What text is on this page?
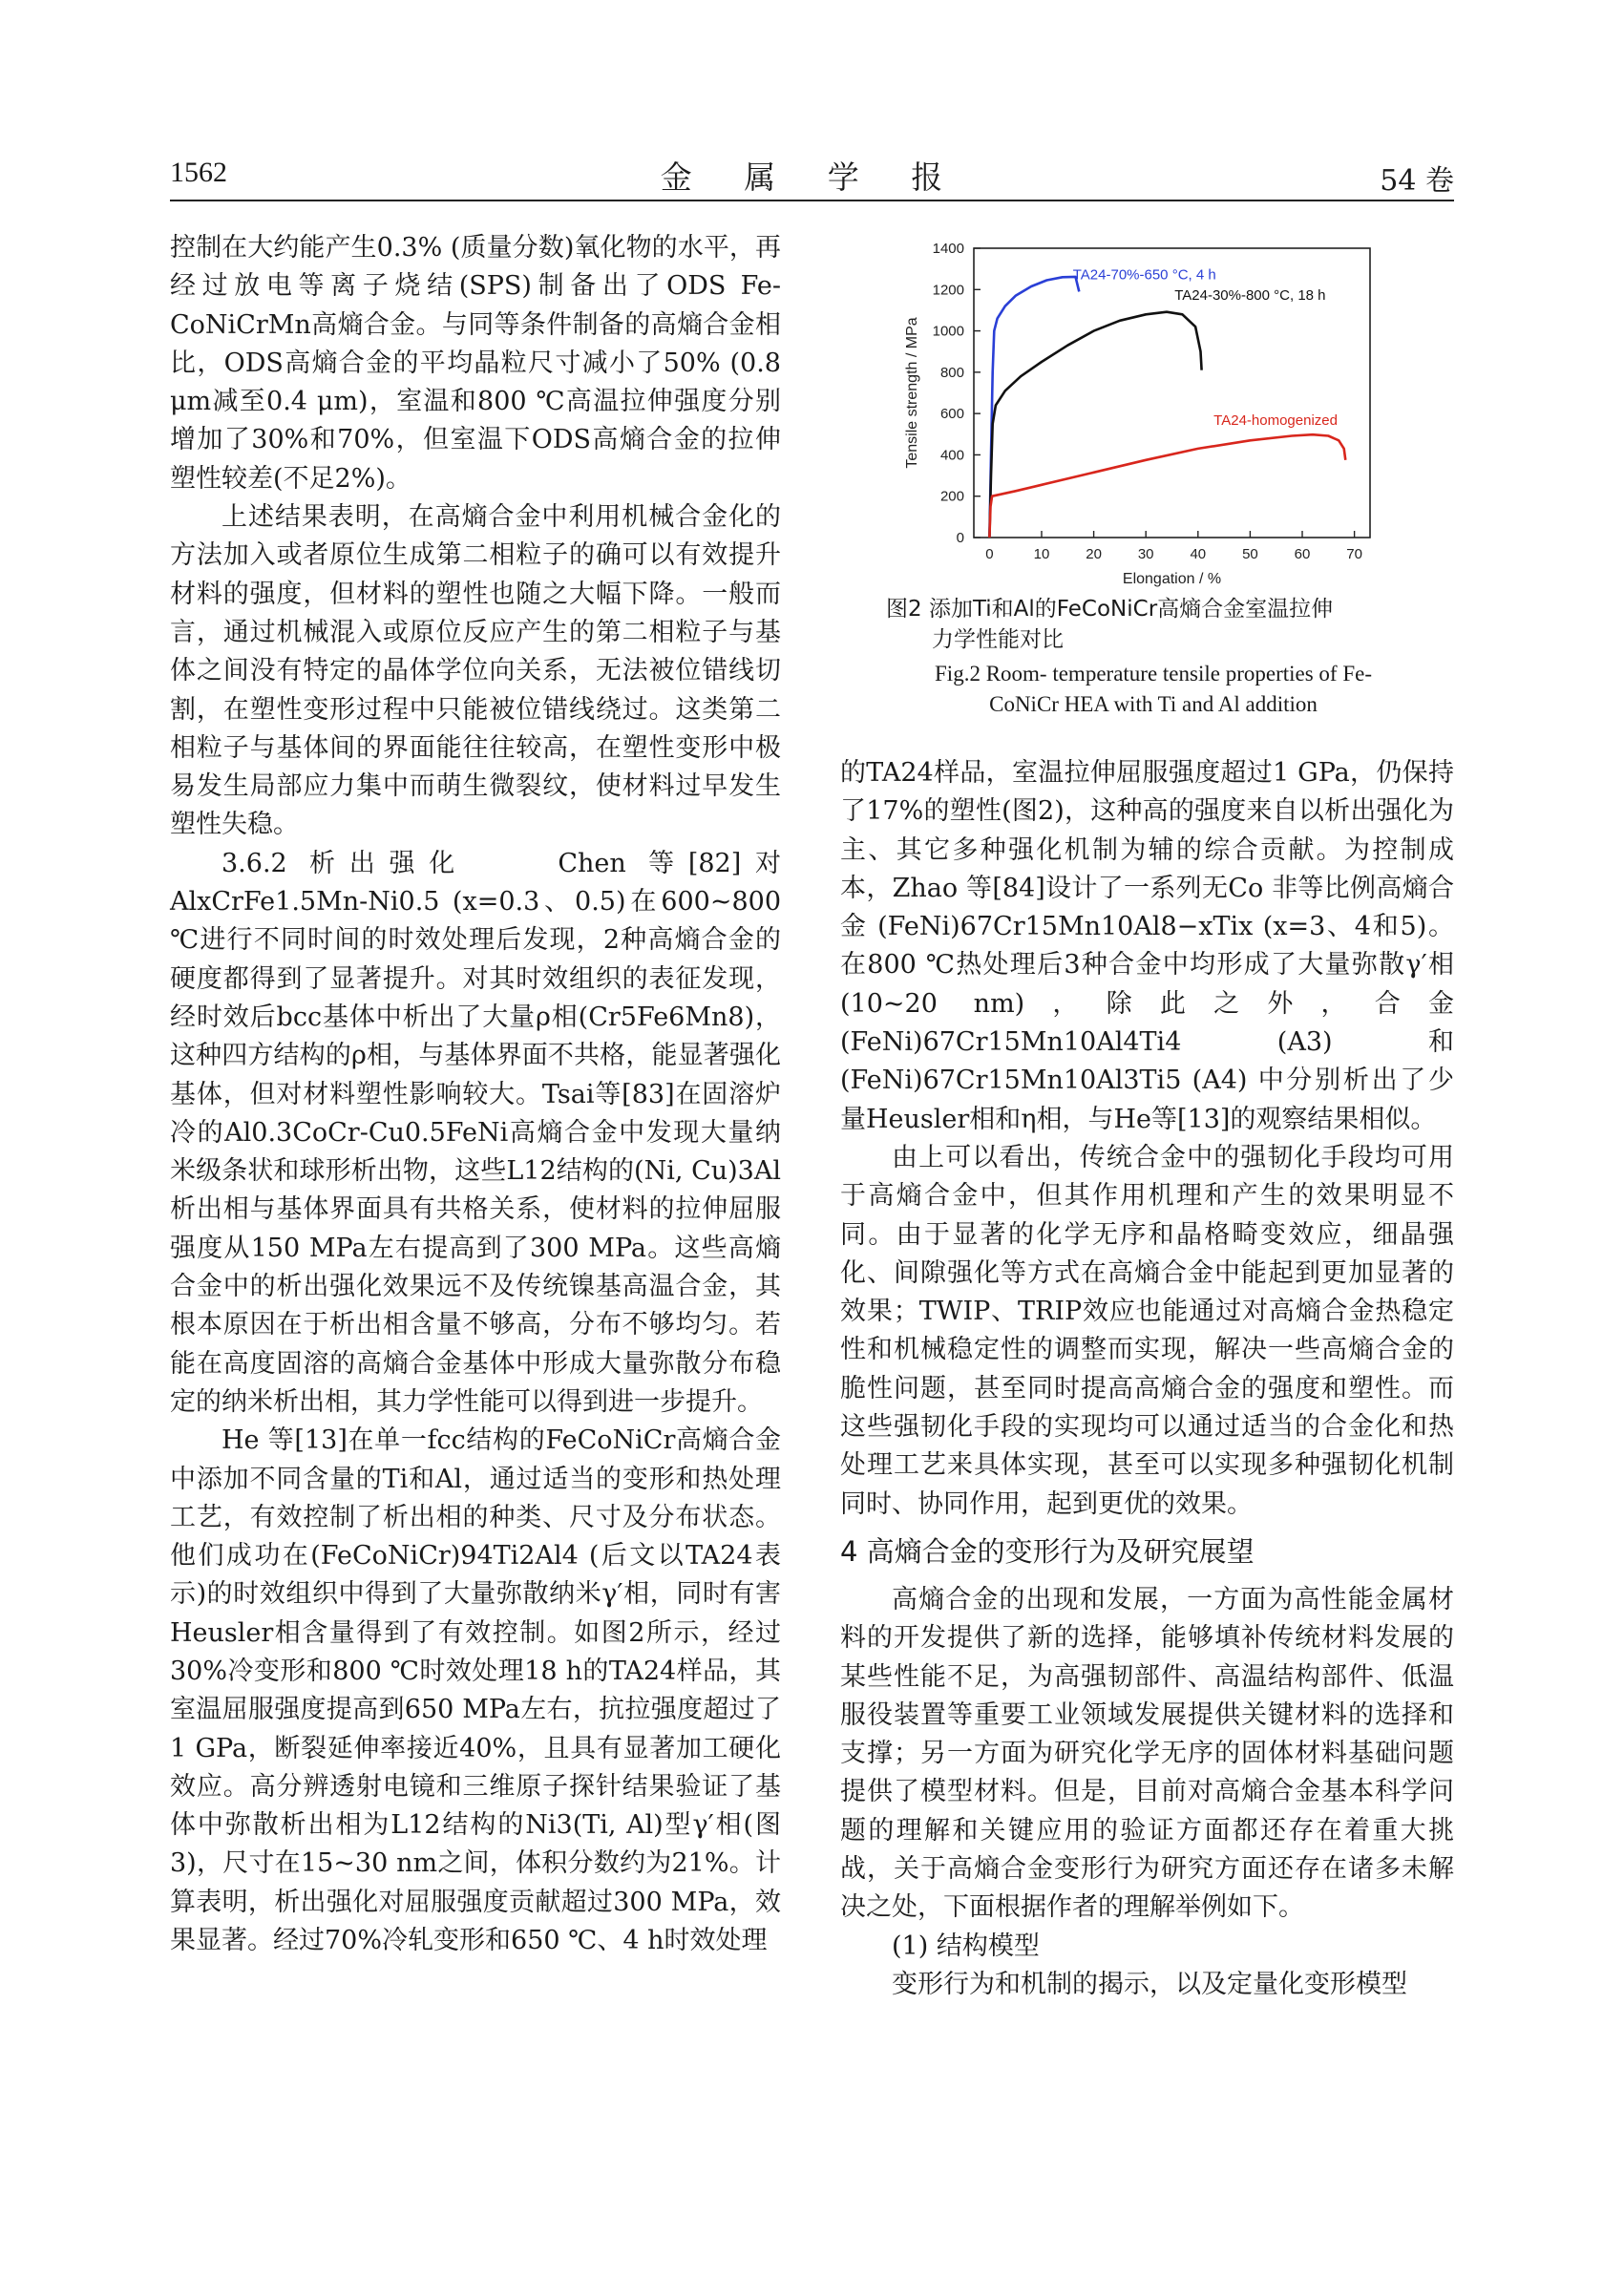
1562	金 属 学 报	54 卷

控制在大约能产生0.3% (质量分数)氧化物的水平，再经过放电等离子烧结(SPS)制备出了ODS Fe-CoNiCrMn高熵合金。与同等条件制备的高熵合金相比，ODS高熵合金的平均晶粒尺寸减小了50% (0.8 μm减至0.4 μm)，室温和800 ℃高温拉伸强度分别增加了30%和70%，但室温下ODS高熵合金的拉伸塑性较差(不足2%)。

上述结果表明，在高熵合金中利用机械合金化的方法加入或者原位生成第二相粒子的确可以有效提升材料的强度，但材料的塑性也随之大幅下降。一般而言，通过机械混入或原位反应产生的第二相粒子与基体之间没有特定的晶体学位向关系，无法被位错线切割，在塑性变形过程中只能被位错线绕过。这类第二相粒子与基体间的界面能往往较高，在塑性变形中极易发生局部应力集中而萌生微裂纹，使材料过早发生塑性失稳。

3.6.2 析出强化	Chen 等[82]对AlxCrFe1.5Mn-Ni0.5 (x=0.3、0.5)在600~800 ℃进行不同时间的时效处理后发现，2种高熵合金的硬度都得到了显著提升。对其时效组织的表征发现，经时效后bcc基体中析出了大量ρ相(Cr5Fe6Mn8)，这种四方结构的ρ相，与基体界面不共格，能显著强化基体，但对材料塑性影响较大。Tsai等[83]在固溶炉冷的Al0.3CoCr-Cu0.5FeNi高熵合金中发现大量纳米级条状和球形析出物，这些L12结构的(Ni, Cu)3Al析出相与基体界面具有共格关系，使材料的拉伸屈服强度从150 MPa左右提高到了300 MPa。这些高熵合金中的析出强化效果远不及传统镍基高温合金，其根本原因在于析出相含量不够高，分布不够均匀。若能在高度固溶的高熵合金基体中形成大量弥散分布稳定的纳米析出相，其力学性能可以得到进一步提升。

He 等[13]在单一fcc结构的FeCoNiCr高熵合金中添加不同含量的Ti和Al，通过适当的变形和热处理工艺，有效控制了析出相的种类、尺寸及分布状态。他们成功在(FeCoNiCr)94Ti2Al4 (后文以TA24表示)的时效组织中得到了大量弥散纳米γ′相，同时有害Heusler相含量得到了有效控制。如图2所示，经过30%冷变形和800 ℃时效处理18 h的TA24样品，其室温屈服强度提高到650 MPa左右，抗拉强度超过了1 GPa，断裂延伸率接近40%，且具有显著加工硬化效应。高分辨透射电镜和三维原子探针结果验证了基体中弥散析出相为L12结构的Ni3(Ti, Al)型γ′相(图3)，尺寸在15~30 nm之间，体积分数约为21%。计算表明，析出强化对屈服强度贡献超过300 MPa，效果显著。经过70%冷轧变形和650 ℃、4 h时效处理

0
200
400
600
800
1000
1200
1400
0	10	20	30	40	50	60	70
Elongation / %
Tensile strength / MPa
TA24-70%-650 °C, 4 h
TA24-30%-800 °C, 18 h
TA24-homogenized
图2 添加Ti和Al的FeCoNiCr高熵合金室温拉伸
力学性能对比
Fig.2 Room- temperature tensile properties of Fe-
CoNiCr HEA with Ti and Al addition

的TA24样品，室温拉伸屈服强度超过1 GPa，仍保持了17%的塑性(图2)，这种高的强度来自以析出强化为主、其它多种强化机制为辅的综合贡献。为控制成本，Zhao 等[84]设计了一系列无Co 非等比例高熵合金 (FeNi)67Cr15Mn10Al8−xTix (x=3、4和5)。在800 ℃热处理后3种合金中均形成了大量弥散γ′相(10~20 nm)，除此之外，合金(FeNi)67Cr15Mn10Al4Ti4 (A3) 和 (FeNi)67Cr15Mn10Al3Ti5 (A4) 中分别析出了少量Heusler相和η相，与He等[13]的观察结果相似。

由上可以看出，传统合金中的强韧化手段均可用于高熵合金中，但其作用机理和产生的效果明显不同。由于显著的化学无序和晶格畸变效应，细晶强化、间隙强化等方式在高熵合金中能起到更加显著的效果；TWIP、TRIP效应也能通过对高熵合金热稳定性和机械稳定性的调整而实现，解决一些高熵合金的脆性问题，甚至同时提高高熵合金的强度和塑性。而这些强韧化手段的实现均可以通过适当的合金化和热处理工艺来具体实现，甚至可以实现多种强韧化机制同时、协同作用，起到更优的效果。

4 高熵合金的变形行为及研究展望

高熵合金的出现和发展，一方面为高性能金属材料的开发提供了新的选择，能够填补传统材料发展的某些性能不足，为高强韧部件、高温结构部件、低温服役装置等重要工业领域发展提供关键材料的选择和支撑；另一方面为研究化学无序的固体材料基础问题提供了模型材料。但是，目前对高熵合金基本科学问题的理解和关键应用的验证方面都还存在着重大挑战，关于高熵合金变形行为研究方面还存在诸多未解决之处，下面根据作者的理解举例如下。

(1) 结构模型

变形行为和机制的揭示，以及定量化变形模型
